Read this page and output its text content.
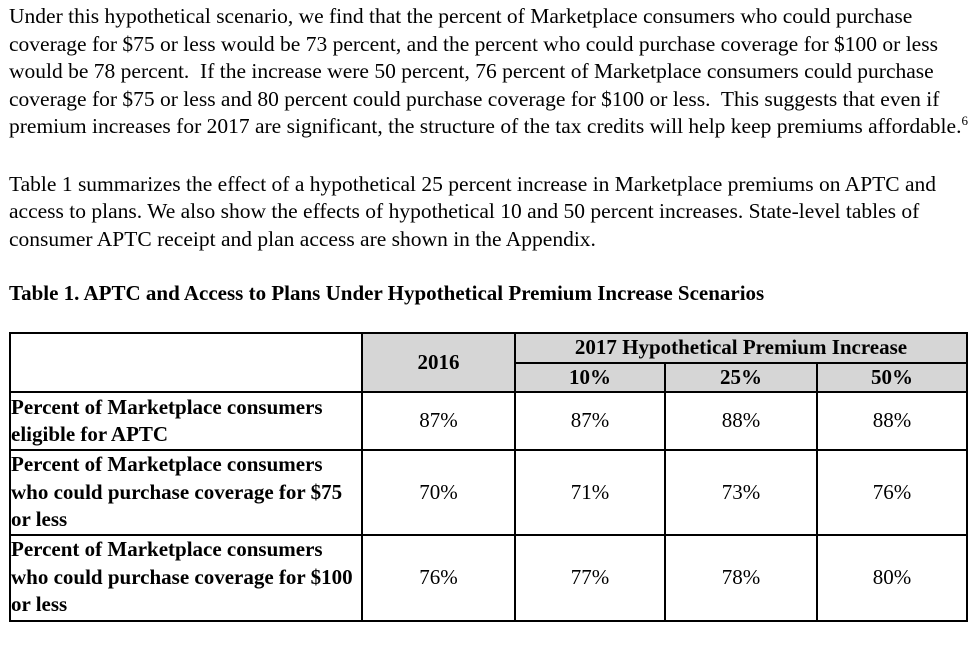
Under this hypothetical scenario, we find that the percent of Marketplace consumers who could purchase coverage for $75 or less would be 73 percent, and the percent who could purchase coverage for $100 or less would be 78 percent.  If the increase were 50 percent, 76 percent of Marketplace consumers could purchase coverage for $75 or less and 80 percent could purchase coverage for $100 or less.  This suggests that even if premium increases for 2017 are significant, the structure of the tax credits will help keep premiums affordable.$^6$

Table 1 summarizes the effect of a hypothetical 25 percent increase in Marketplace premiums on APTC and access to plans. We also show the effects of hypothetical 10 and 50 percent increases. State-level tables of consumer APTC receipt and plan access are shown in the Appendix.

Table 1. APTC and Access to Plans Under Hypothetical Premium Increase Scenarios

	2016	2017 Hypothetical Premium Increase		
		10%	25%	50%
Percent of Marketplace consumers eligible for APTC	87%	87%	88%	88%
Percent of Marketplace consumers who could purchase coverage for $75 or less	70%	71%	73%	76%
Percent of Marketplace consumers who could purchase coverage for $100 or less	76%	77%	78%	80%
